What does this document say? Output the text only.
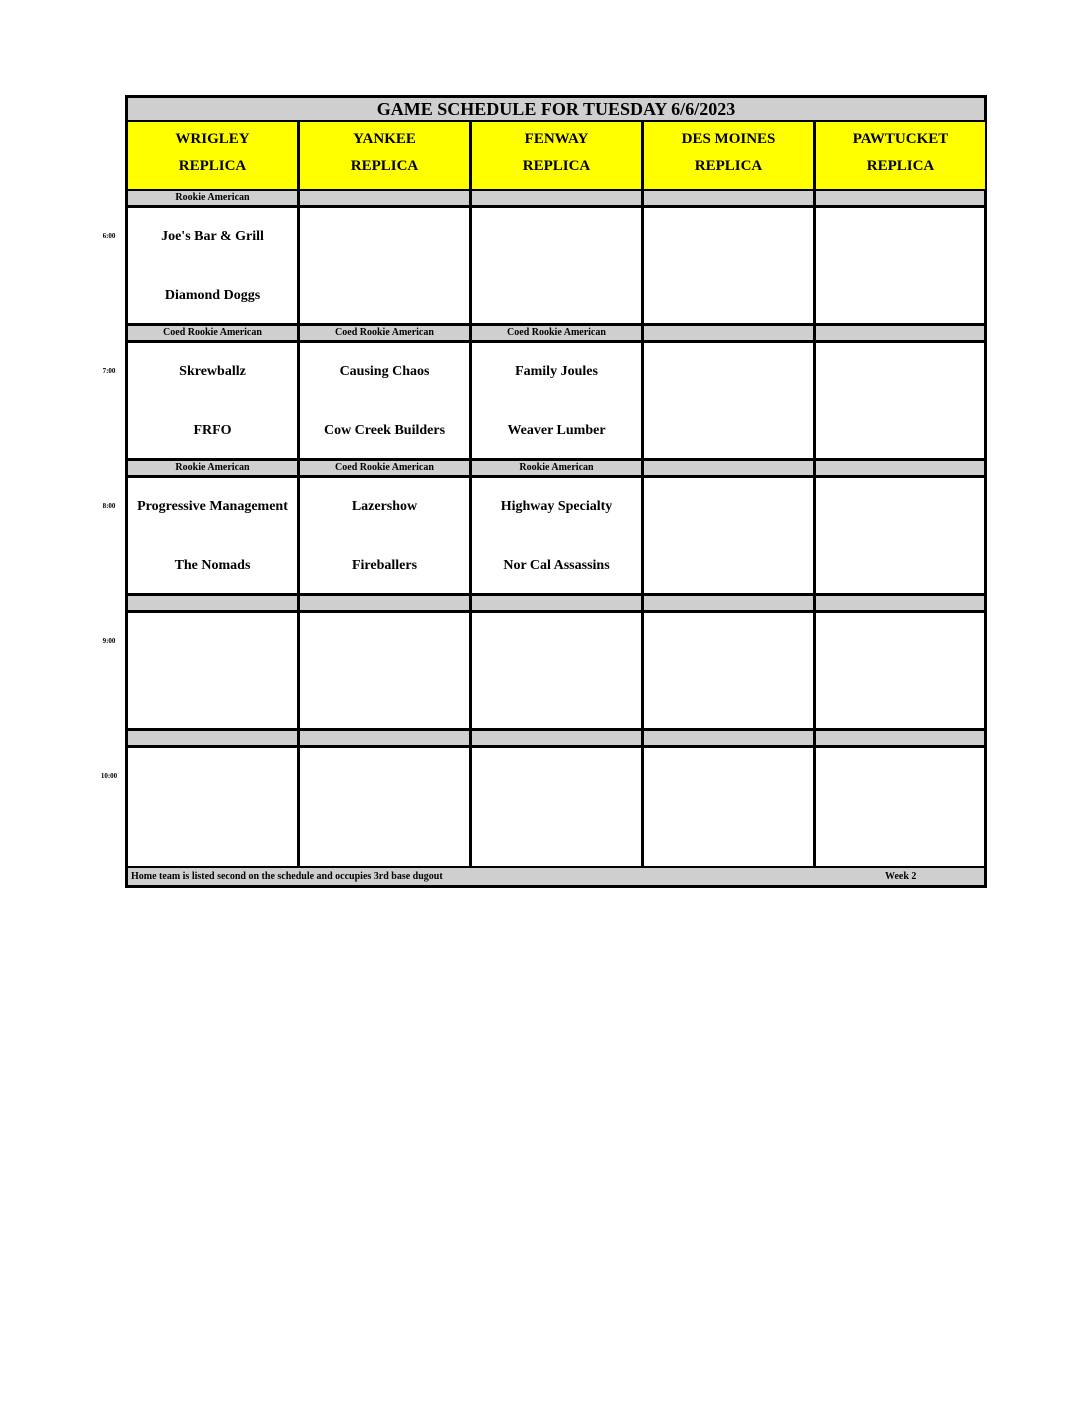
GAME SCHEDULE FOR TUESDAY 6/6/2023
WRIGLEY
REPLICA
YANKEE
REPLICA
FENWAY
REPLICA
DES MOINES
REPLICA
PAWTUCKET
REPLICA
Rookie American
Joe's Bar & Grill
Diamond Doggs
Coed Rookie American
Skrewballz
FRFO
Coed Rookie American
Causing Chaos
Cow Creek Builders
Coed Rookie American
Family Joules
Weaver Lumber
Rookie American
Progressive Management
The Nomads
Coed Rookie American
Lazershow
Fireballers
Rookie American
Highway Specialty
Nor Cal Assassins
Home team is listed second on the schedule and occupies 3rd base dugout	Week 2
6:00
7:00
8:00
9:00
10:00
